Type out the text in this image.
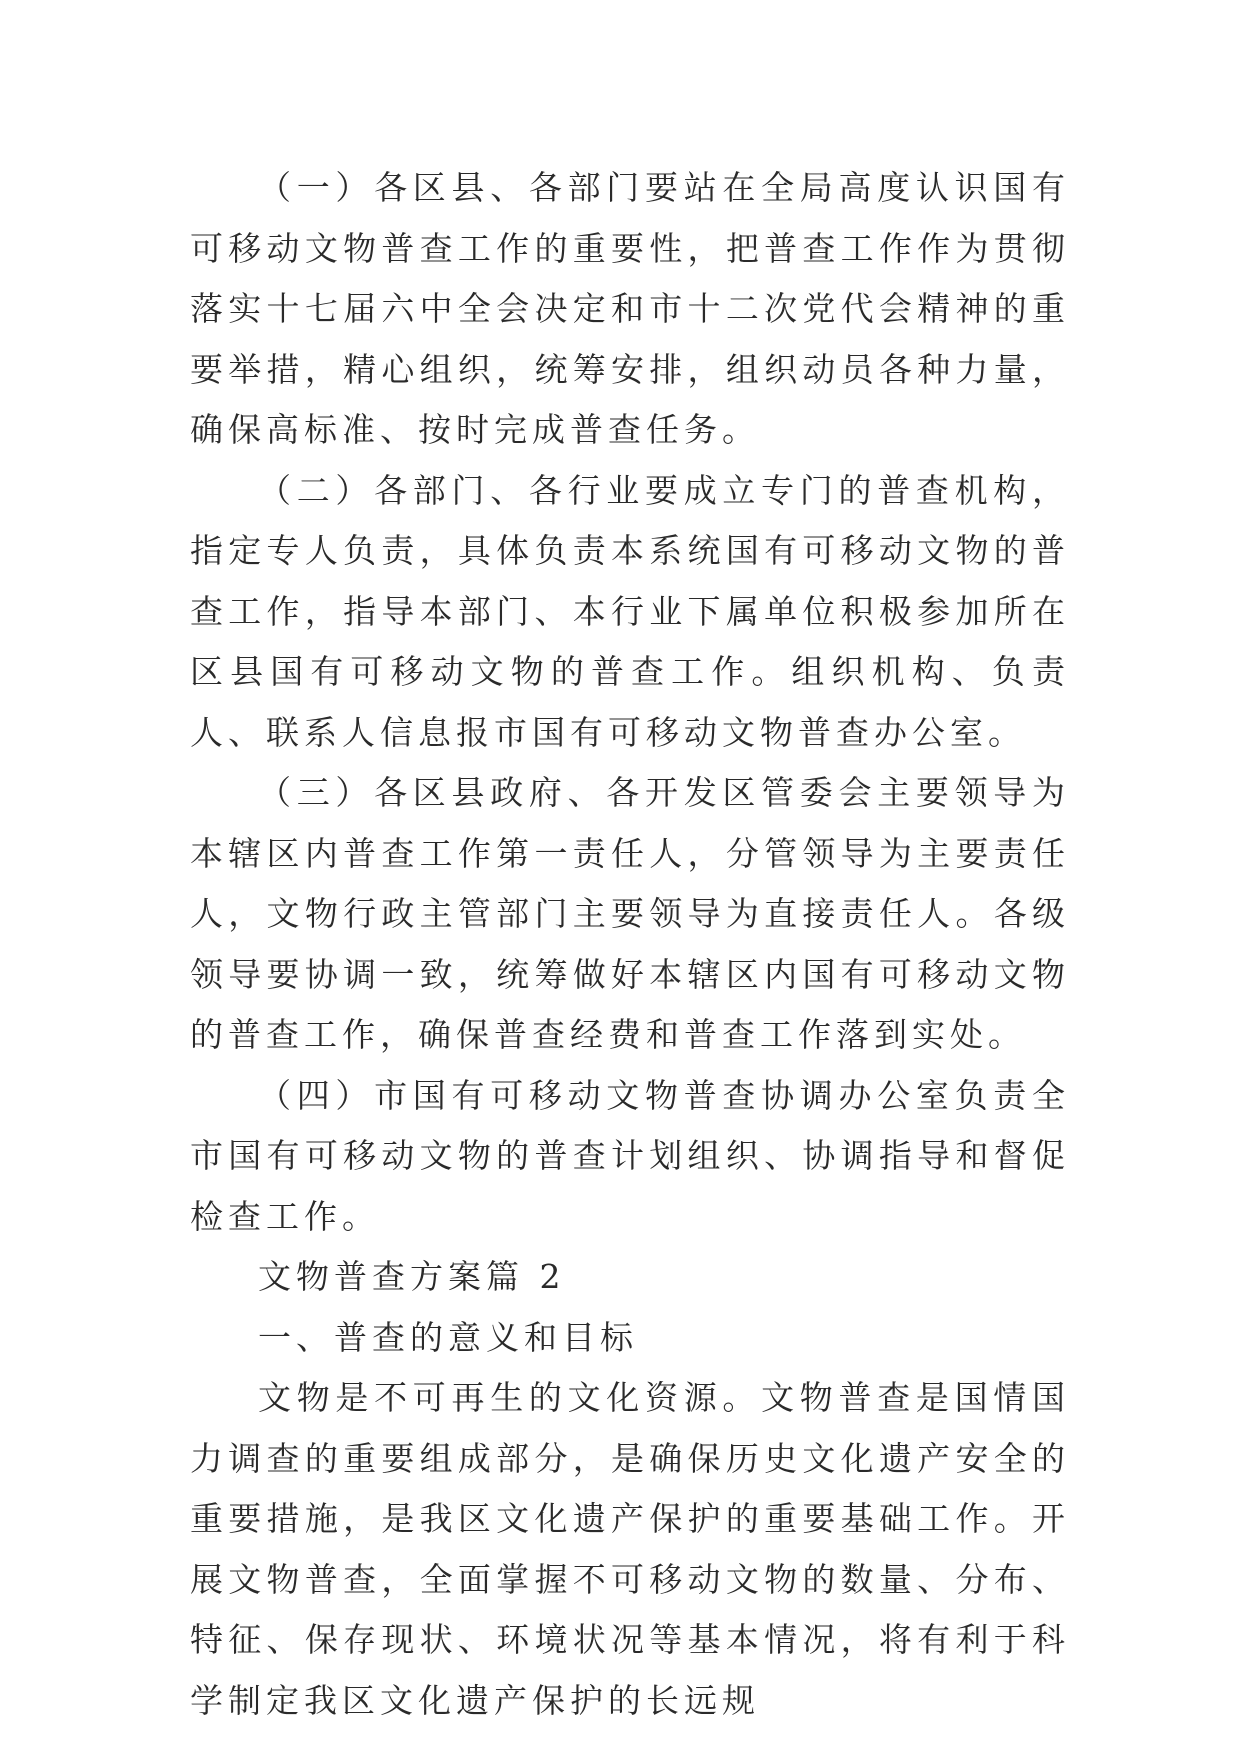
（一）各区县、各部门要站在全局高度认识国有可移动文物普查工作的重要性，把普查工作作为贯彻落实十七届六中全会决定和市十二次党代会精神的重要举措，精心组织，统筹安排，组织动员各种力量，确保高标准、按时完成普查任务。

（二）各部门、各行业要成立专门的普查机构，指定专人负责，具体负责本系统国有可移动文物的普查工作，指导本部门、本行业下属单位积极参加所在区县国有可移动文物的普查工作。组织机构、负责人、联系人信息报市国有可移动文物普查办公室。

（三）各区县政府、各开发区管委会主要领导为本辖区内普查工作第一责任人，分管领导为主要责任人，文物行政主管部门主要领导为直接责任人。各级领导要协调一致，统筹做好本辖区内国有可移动文物的普查工作，确保普查经费和普查工作落到实处。

（四）市国有可移动文物普查协调办公室负责全市国有可移动文物的普查计划组织、协调指导和督促检查工作。

文物普查方案篇 2

一、普查的意义和目标

文物是不可再生的文化资源。文物普查是国情国力调查的重要组成部分，是确保历史文化遗产安全的重要措施，是我区文化遗产保护的重要基础工作。开展文物普查，全面掌握不可移动文物的数量、分布、特征、保存现状、环境状况等基本情况，将有利于科学制定我区文化遗产保护的长远规
